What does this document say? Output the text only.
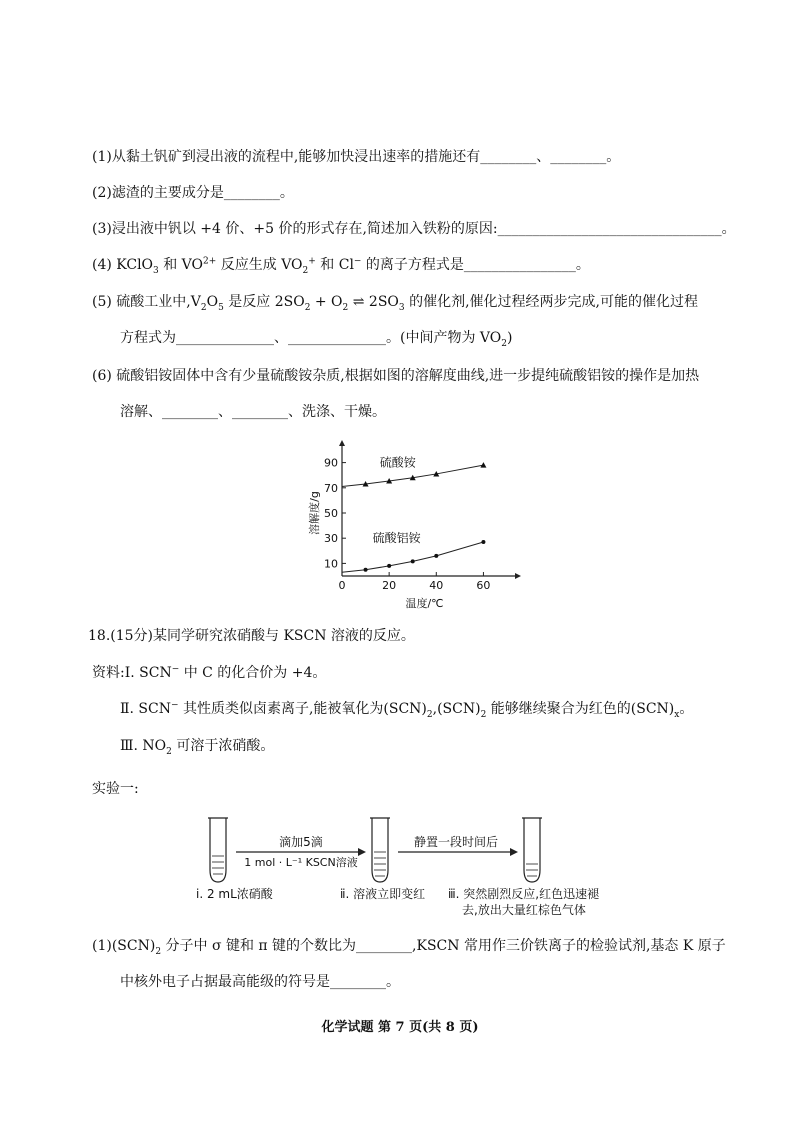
(1)从黏土钒矿到浸出液的流程中,能够加快浸出速率的措施还有________、________。
(2)滤渣的主要成分是________。
(3)浸出液中钒以 +4 价、+5 价的形式存在,简述加入铁粉的原因:________________________________。
(4) KClO$_3$ 和 $VO^{2+}$ 反应生成 $VO_2^+$ 和 Cl− 的离子方程式是________________。
(5) 硫酸工业中$,V_2O_5$ 是反应 $2SO_2 + O_2$ ⇌ $2SO_3$ 的催化剂,催化过程经两步完成,可能的催化过程
方程式为______________、______________。(中间产物为 $VO_2$)
(6) 硫酸铝铵固体中含有少量硫酸铵杂质,根据如图的溶解度曲线,进一步提纯硫酸铝铵的操作是加热
溶解、________、________、洗涤、干燥。
0	20	40	60
10
30
50
70
90
温度/℃
溶解度/g
硫酸铵
硫酸铝铵
18.(15分)某同学研究浓硝酸与 KSCN 溶液的反应。
资料:Ⅰ. SCN− 中 C 的化合价为 +4。
Ⅱ. SCN− 其性质类似卤素离子,能被氧化为$(SCN)_2,(SCN)_2$ 能够继续聚合为红色的$(SCN)_x$。
Ⅲ. $NO_2$ 可溶于浓硝酸。
实验一:
滴加5滴
1 mol · L⁻¹ KSCN溶液
静置一段时间后
ⅰ. 2 mL浓硝酸	ⅱ. 溶液立即变红 ⅲ. 突然剧烈反应,红色迅速褪
去,放出大量红棕色气体
$(1)(SCN)_2$ 分子中 σ 键和 π 键的个数比为________,KSCN 常用作三价铁离子的检验试剂,基态 K 原子
中核外电子占据最高能级的符号是________。
化学试题 第 7 页(共 8 页)
